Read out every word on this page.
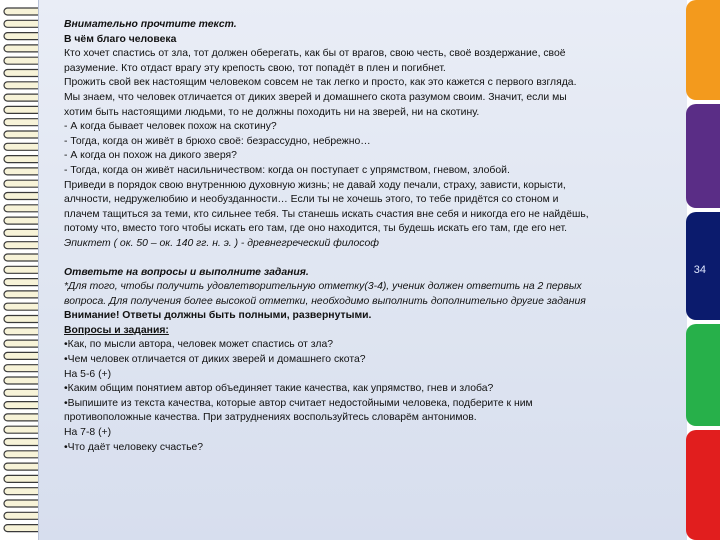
34

Внимательно прочтите текст.

В чём благо человека

Кто хочет спастись от зла, тот должен оберегать, как бы от врагов, свою честь, своё воздержание, своё

разумение. Кто отдаст врагу эту крепость свою, тот попадёт в плен и погибнет.

Прожить свой век настоящим человеком совсем не так легко и просто, как это кажется с первого взгляда.

Мы знаем, что человек отличается от диких зверей и домашнего скота разумом своим. Значит, если мы

хотим быть настоящими людьми, то не должны походить ни на зверей, ни на скотину.

- А когда бывает человек похож на скотину?

- Тогда, когда он живёт в брюхо своё: безрассудно, небрежно…

- А когда он похож на дикого зверя?

- Тогда, когда он живёт насильничеством: когда он поступает с упрямством, гневом, злобой.

Приведи в порядок свою внутреннюю духовную жизнь; не давай ходу печали, страху, зависти, корысти,

алчности, недружелюбию и необузданности… Если ты не хочешь этого, то тебе придётся со стоном и

плачем тащиться за теми, кто сильнее тебя. Ты станешь искать счастия вне себя и никогда его не найдёшь,

потому что, вместо того чтобы искать его там, где оно находится, ты будешь искать его там, где его нет.

Эпиктет ( ок. 50 – ок. 140 гг. н. э. ) - древнегреческий философ

Ответьте на вопросы и выполните задания.

*Для того, чтобы получить удовлетворительную отметку(3-4), ученик должен ответить на 2 первых

вопроса. Для получения более высокой отметки, необходимо выполнить дополнительно другие задания

Внимание! Ответы должны быть полными, развернутыми.

Вопросы и задания:

•Как, по мысли автора, человек может спастись от зла?

•Чем человек отличается от диких зверей и домашнего скота?

На 5-6 (+)

•Каким общим понятием автор объединяет такие качества, как упрямство, гнев и злоба?

•Выпишите из текста качества, которые автор считает недостойными человека, подберите к ним

противоположные качества. При затруднениях воспользуйтесь словарём антонимов.

На 7-8 (+)

•Что даёт человеку счастье?
